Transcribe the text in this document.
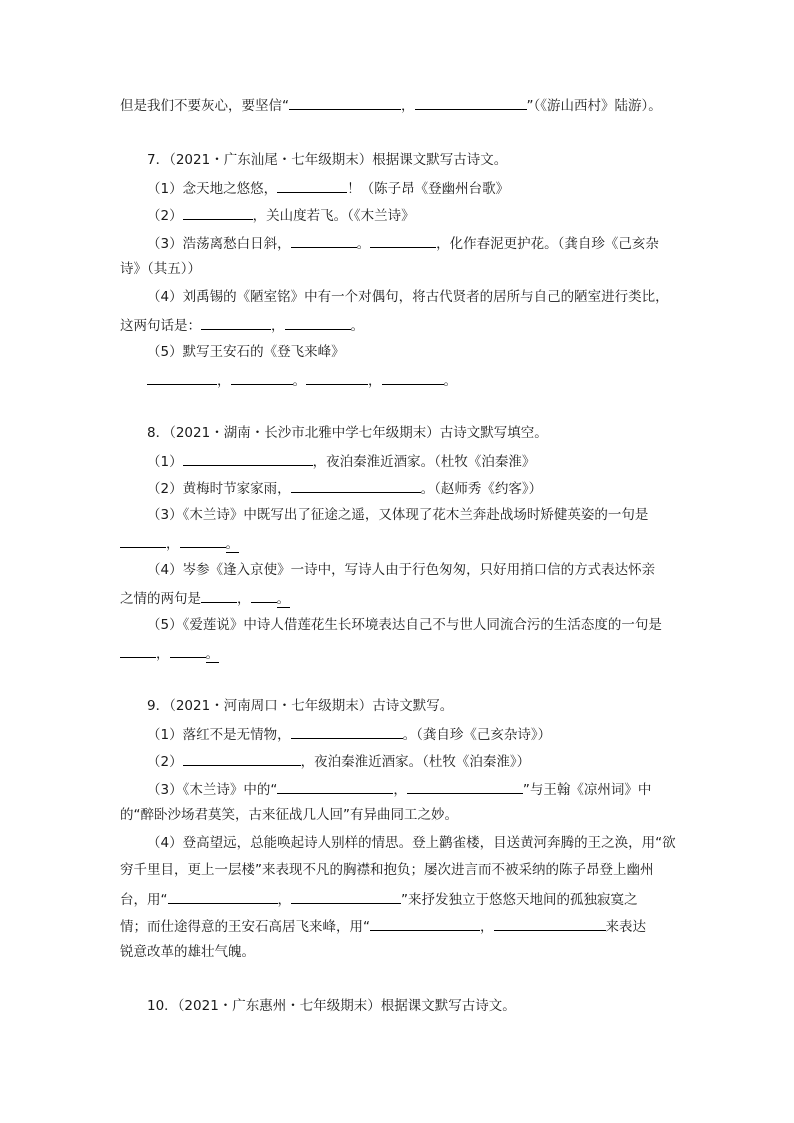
但是我们不要灰心，要坚信“	，	”（《游山西村》陆游）。
7．（2021・广东汕尾・七年级期末）根据课文默写古诗文。
（1）念天地之悠悠，	！（陈子昂《登幽州台歌》
（2）	，关山度若飞。（《木兰诗》
（3）浩荡离愁白日斜，	。	，化作春泥更护花。（龚自珍《己亥杂
诗》（其五））
（4）刘禹锡的《陋室铭》中有一个对偶句，将古代贤者的居所与自己的陋室进行类比，
这两句话是：	，	。
（5）默写王安石的《登飞来峰》
，	。	，	。
8．（2021・湖南・长沙市北雅中学七年级期末）古诗文默写填空。
（1）	，夜泊秦淮近酒家。（杜牧《泊秦淮》
（2）黄梅时节家家雨，	。（赵师秀《约客》）
（3）《木兰诗》中既写出了征途之遥，又体现了花木兰奔赴战场时矫健英姿的一句是
，	。
（4）岑参《逢入京使》一诗中，写诗人由于行色匆匆，只好用捎口信的方式表达怀亲
之情的两句是	， 。
（5）《爱莲说》中诗人借莲花生长环境表达自己不与世人同流合污的生活态度的一句是
，	。
9．（2021・河南周口・七年级期末）古诗文默写。
（1）落红不是无情物，	。（龚自珍《己亥杂诗》）
（2）	，夜泊秦淮近酒家。（杜牧《泊秦淮》）
（3）《木兰诗》中的“	，	”与王翰《凉州词》中
的“醉卧沙场君莫笑，古来征战几人回”有异曲同工之妙。
（4）登高望远，总能唤起诗人别样的情思。登上鹳雀楼，目送黄河奔腾的王之涣，用“欲
穷千里目，更上一层楼”来表现不凡的胸襟和抱负；屡次进言而不被采纳的陈子昂登上幽州
台，用“	，	”来抒发独立于悠悠天地间的孤独寂寞之
情；而仕途得意的王安石高居飞来峰，用“	，	来表达
锐意改革的雄壮气魄。
10．（2021・广东惠州・七年级期末）根据课文默写古诗文。
